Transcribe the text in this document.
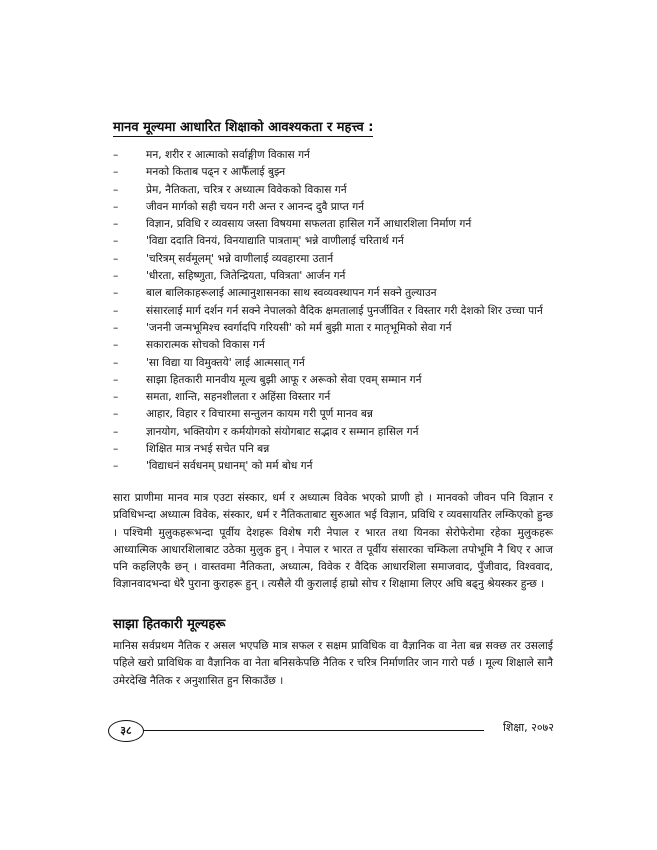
मानव मूल्यमा आधारित शिक्षाको आवश्यकता र महत्त्व :
–	मन, शरीर र आत्माको सर्वाङ्गीण विकास गर्न
–	मनको किताब पढ्न र आफैँलाई बुझ्न
–	प्रेम, नैतिकता, चरित्र र अध्यात्म विवेकको विकास गर्न
–	जीवन मार्गको सही चयन गरी अन्त र आनन्द दुवै प्राप्त गर्न
–	विज्ञान, प्रविधि र व्यवसाय जस्ता विषयमा सफलता हासिल गर्ने आधारशिला निर्माण गर्न
–	'विद्या ददाति विनयं, विनयाद्याति पात्रताम्' भन्ने वाणीलाई चरितार्थ गर्न
–	'चरित्रम् सर्वमूलम्' भन्ने वाणीलाई व्यवहारमा उतार्न
–	'धीरता, सहिष्णुता, जितेन्द्रियता, पवित्रता' आर्जन गर्न
–	बाल बालिकाहरूलाई आत्मानुशासनका साथ स्वव्यवस्थापन गर्न सक्ने तुल्याउन
–	संसारलाई मार्ग दर्शन गर्न सक्ने नेपालको वैदिक क्षमतालाई पुनर्जीवित र विस्तार गरी देशको शिर उच्चा पार्न
–	'जननी जन्मभूमिश्च स्वर्गादपि गरियसी' को मर्म बुझी माता र मातृभूमिको सेवा गर्न
–	सकारात्मक सोचको विकास गर्न
–	'सा विद्या या विमुक्तये' लाई आत्मसात् गर्न
–	साझा हितकारी मानवीय मूल्य बुझी आफू र अरूको सेवा एवम् सम्मान गर्न
–	समता, शान्ति, सहनशीलता र अहिंसा विस्तार गर्न
–	आहार, विहार र विचारमा सन्तुलन कायम गरी पूर्ण मानव बन्न
–	ज्ञानयोग, भक्तियोग र कर्मयोगको संयोगबाट सद्भाव र सम्मान हासिल गर्न
–	शिक्षित मात्र नभई सचेत पनि बन्न
–	'विद्याधनं सर्वधनम् प्रधानम्' को मर्म बोध गर्न

सारा प्राणीमा मानव मात्र एउटा संस्कार, धर्म र अध्यात्म विवेक भएको प्राणी हो । मानवको जीवन पनि विज्ञान र प्रविधिभन्दा अध्यात्म विवेक, संस्कार, धर्म र नैतिकताबाट सुरुआत भई विज्ञान, प्रविधि र व्यवसायतिर लम्किएको हुन्छ । पश्चिमी मुलुकहरूभन्दा पूर्वीय देशहरू विशेष गरी नेपाल र भारत तथा यिनका सेरोफेरोमा रहेका मुलुकहरू आध्यात्मिक आधारशिलाबाट उठेका मुलुक हुन् । नेपाल र भारत त पूर्वीय संसारका चम्किला तपोभूमि नै थिए र आज पनि कहलिएकै छन् । वास्तवमा नैतिकता, अध्यात्म, विवेक र वैदिक आधारशिला समाजवाद, पुँजीवाद, विश्ववाद, विज्ञानवादभन्दा धेरै पुराना कुराहरू हुन् । त्यसैले यी कुरालाई हाम्रो सोच र शिक्षामा लिएर अघि बढ्नु श्रेयस्कर हुन्छ ।

साझा हितकारी मूल्यहरू

मानिस सर्वप्रथम नैतिक र असल भएपछि मात्र सफल र सक्षम प्राविधिक वा वैज्ञानिक वा नेता बन्न सक्छ तर उसलाई पहिले खरो प्राविधिक वा वैज्ञानिक वा नेता बनिसकेपछि नैतिक र चरित्र निर्माणतिर जान गारो पर्छ । मूल्य शिक्षाले सानै उमेरदेखि नैतिक र अनुशासित हुन सिकाउँछ ।

३८	शिक्षा, २०७२
